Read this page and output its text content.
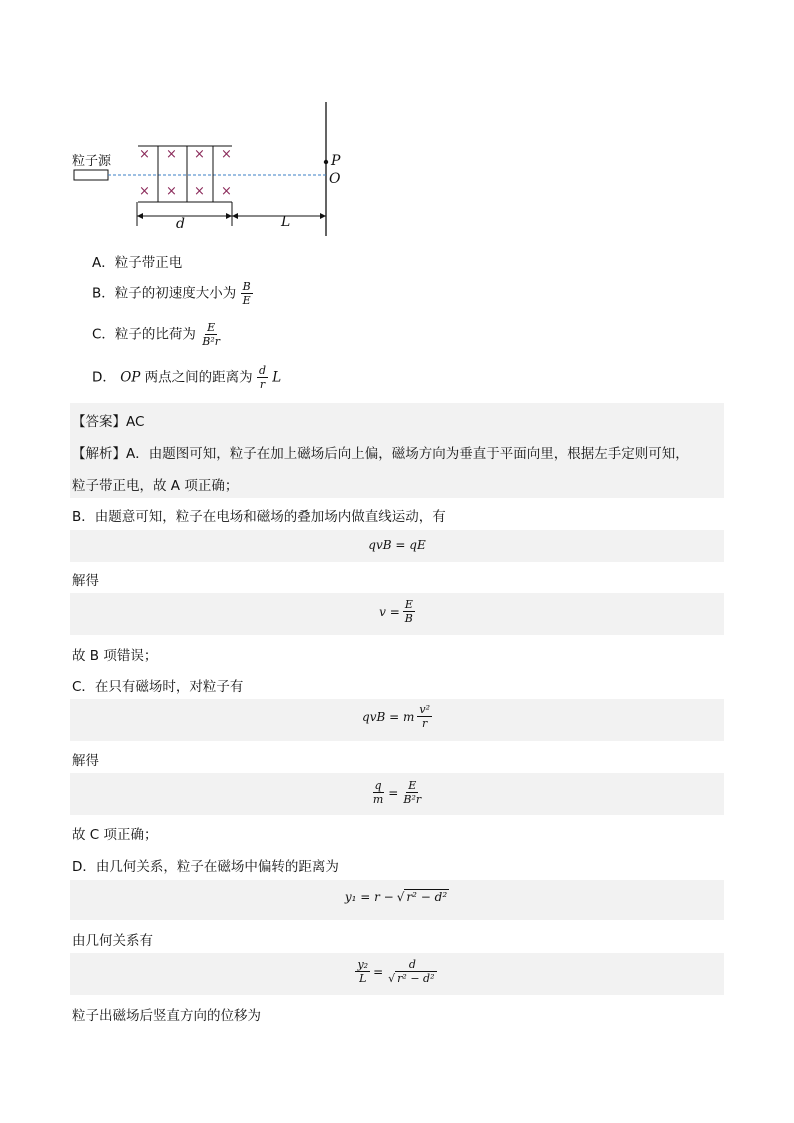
粒子源 × × × ×
× × × ×
P
O
d	L
A．粒子带正电
B．粒子的初速度大小为 $\frac{B}{E}$
C．粒子的比荷为 $\frac{E}{\text{B²r}}$
D． OP 两点之间的距离为 $\frac{d}{r}$ L
【答案】AC
【解析】A．由题图可知，粒子在加上磁场后向上偏，磁场方向为垂直于平面向里，根据左手定则可知，
粒子带正电，故 A 项正确；
B．由题意可知，粒子在电场和磁场的叠加场内做直线运动，有
qvB = qE
解得
$v = \frac{E}{B}$
故 B 项错误；
C．在只有磁场时，对粒子有
qvB = m $\frac{\text{v²}}{r}$
解得
$\frac{q}{m} = \frac{E}{\text{B²r}}$
故 C 项正确；
D．由几何关系，粒子在磁场中偏转的距离为
y₁ = r − √ r² − d²
由几何关系有
$\frac{\text{y₂}}{L} = \frac{d}{\text{√ r² − d²}}$
粒子出磁场后竖直方向的位移为
